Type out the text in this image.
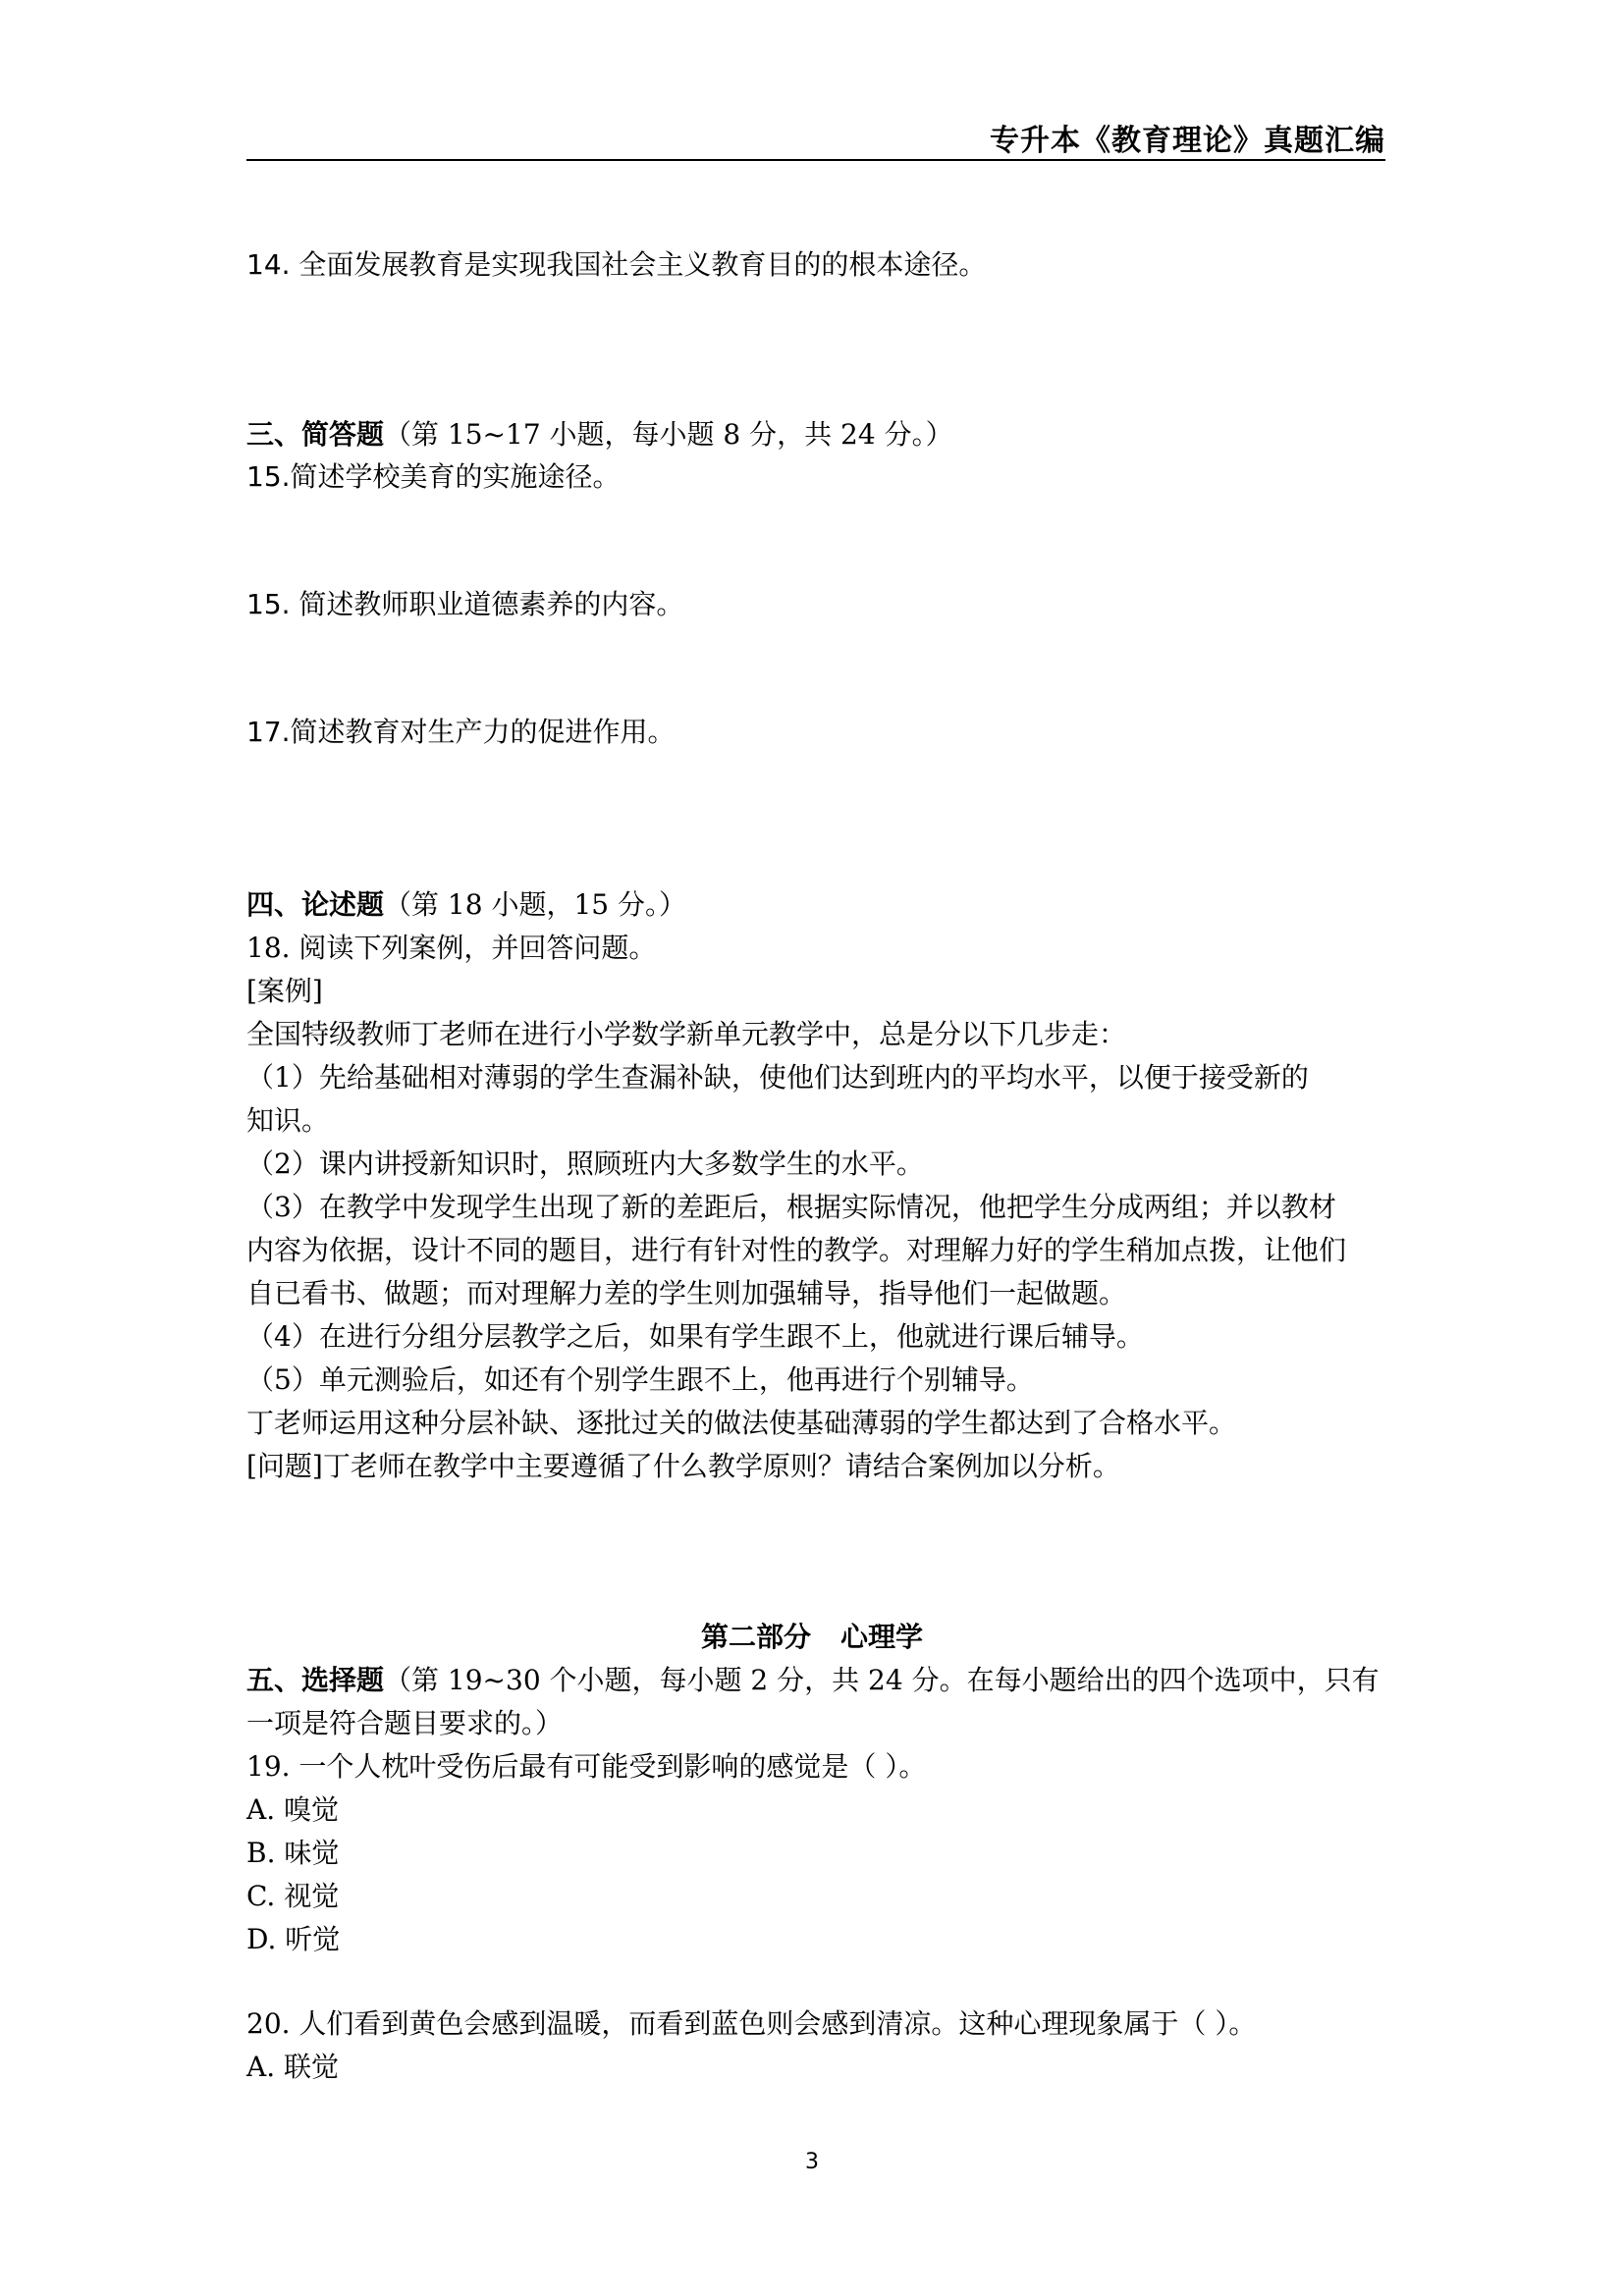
专升本《教育理论》真题汇编
14. 全面发展教育是实现我国社会主义教育目的的根本途径。
三、简答题（第 15~17 小题，每小题 8 分，共 24 分。）
15.简述学校美育的实施途径。
15. 简述教师职业道德素养的内容。
17.简述教育对生产力的促进作用。
四、论述题（第 18 小题，15 分。）
18. 阅读下列案例，并回答问题。
[案例]
全国特级教师丁老师在进行小学数学新单元教学中，总是分以下几步走：
（1）先给基础相对薄弱的学生查漏补缺，使他们达到班内的平均水平，以便于接受新的
知识。
（2）课内讲授新知识时，照顾班内大多数学生的水平。
（3）在教学中发现学生出现了新的差距后，根据实际情况，他把学生分成两组；并以教材
内容为依据，设计不同的题目，进行有针对性的教学。对理解力好的学生稍加点拨，让他们
自已看书、做题；而对理解力差的学生则加强辅导，指导他们一起做题。
（4）在进行分组分层教学之后，如果有学生跟不上，他就进行课后辅导。
（5）单元测验后，如还有个别学生跟不上，他再进行个别辅导。
丁老师运用这种分层补缺、逐批过关的做法使基础薄弱的学生都达到了合格水平。
[问题]丁老师在教学中主要遵循了什么教学原则？请结合案例加以分析。
第二部分 心理学
五、选择题（第 19~30 个小题，每小题 2 分，共 24 分。在每小题给出的四个选项中，只有
一项是符合题目要求的。）
19. 一个人枕叶受伤后最有可能受到影响的感觉是（ ）。
A. 嗅觉
B. 味觉
C. 视觉
D. 听觉
20. 人们看到黄色会感到温暖，而看到蓝色则会感到清凉。这种心理现象属于（ ）。
A. 联觉
3
